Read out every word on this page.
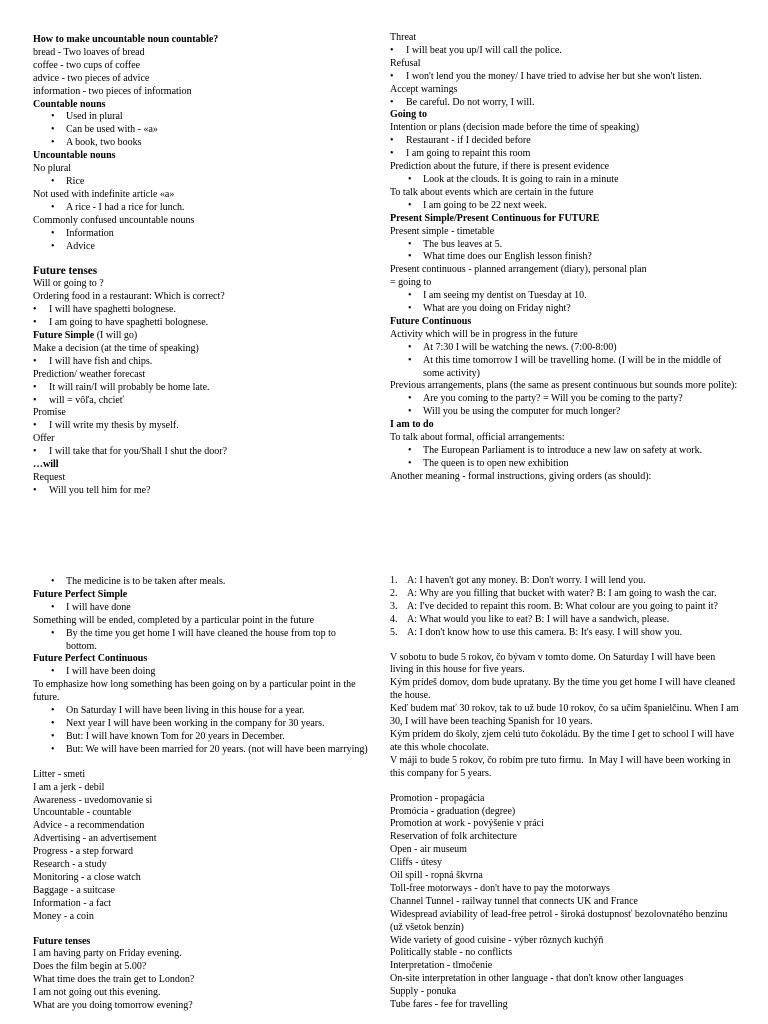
How to make uncountable noun countable?
bread - Two loaves of bread
coffee - two cups of coffee
advice - two pieces of advice
information - two pieces of information
Countable nouns
• Used in plural
• Can be used with - «a»
• A book, two books
Uncountable nouns
No plural
• Rice
Not used with indefinite article «a»
• A rice - I had a rice for lunch.
Commonly confused uncountable nouns
• Information
• Advice
Future tenses
Will or going to ?
Ordering food in a restaurant: Which is correct?
• I will have spaghetti bolognese.
• I am going to have spaghetti bolognese.
Future Simple (I will go)
Make a decision (at the time of speaking)
• I will have fish and chips.
Prediction/ weather forecast
• It will rain/I will probably be home late.
• will = vôľa, chcieť
Promise
• I will write my thesis by myself.
Offer
• I will take that for you/Shall I shut the door?
…will
Request
• Will you tell him for me?
Threat
• I will beat you up/I will call the police.
Refusal
• I won't lend you the money/ I have tried to advise her but she won't listen.
Accept warnings
• Be careful. Do not worry, I will.
Going to
Intention or plans (decision made before the time of speaking)
• Restaurant - if I decided before
• I am going to repaint this room
Prediction about the future, if there is present evidence
• Look at the clouds. It is going to rain in a minute
To talk about events which are certain in the future
• I am going to be 22 next week.
Present Simple/Present Continuous for FUTURE
Present simple - timetable
• The bus leaves at 5.
• What time does our English lesson finish?
Present continuous - planned arrangement (diary), personal plan
= going to
• I am seeing my dentist on Tuesday at 10.
• What are you doing on Friday night?
Future Continuous
Activity which will be in progress in the future
• At 7:30 I will be watching the news. (7:00-8:00)
• At this time tomorrow I will be travelling home. (I will be in the middle of some activity)
Previous arrangements, plans (the same as present continuous but sounds more polite):
• Are you coming to the party? = Will you be coming to the party?
• Will you be using the computer for much longer?
I am to do
To talk about formal, official arrangements:
• The European Parliament is to introduce a new law on safety at work.
• The queen is to open new exhibition
Another meaning - formal instructions, giving orders (as should):
• The medicine is to be taken after meals.
Future Perfect Simple
• I will have done
Something will be ended, completed by a particular point in the future
• By the time you get home I will have cleaned the house from top to bottom.
Future Perfect Continuous
• I will have been doing
To emphasize how long something has been going on by a particular point in the future.
• On Saturday I will have been living in this house for a year.
• Next year I will have been working in the company for 30 years.
• But: I will have known Tom for 20 years in December.
• But: We will have been married for 20 years. (not will have been marrying)
Litter - smeti
I am a jerk - debil
Awareness - uvedomovanie si
Uncountable - countable
Advice - a recommendation
Advertising - an advertisement
Progress - a step forward
Research - a study
Monitoring - a close watch
Baggage - a suitcase
Information - a fact
Money - a coin
Future tenses
I am having party on Friday evening.
Does the film begin at 5.00?
What time does the train get to London?
I am not going out this evening.
What are you doing tomorrow evening?
1. A: I haven't got any money. B: Don't worry. I will lend you.
2. A: Why are you filling that bucket with water? B: I am going to wash the car.
3. A: I've decided to repaint this room. B: What colour are you going to paint it?
4. A: What would you like to eat? B: I will have a sandwich, please.
5. A: I don't know how to use this camera. B: It's easy. I will show you.
V sobotu to bude 5 rokov, čo bývam v tomto dome. On Saturday I will have been living in this house for five years.
Kým prídeš domov, dom bude upratany. By the time you get home I will have cleaned the house.
Keď budem mať 30 rokov, tak to už bude 10 rokov, čo sa učím španielčinu. When I am 30, I will have been teaching Spanish for 10 years.
Kým prídem do školy, zjem celú tuto čokoládu. By the time I get to school I will have ate this whole chocolate.
V máji to bude 5 rokov, čo robím pre tuto firmu.  In May I will have been working in this company for 5 years.
Promotion - propagácia
Promócia - graduation (degree)
Promotion at work - povýšenie v práci
Reservation of folk architecture
Open - air museum
Cliffs - útesy
Oil spill - ropná škvrna
Toll-free motorways - don't have to pay the motorways
Channel Tunnel - railway tunnel that connects UK and France
Widespread aviability of lead-free petrol - široká dostupnosť bezolovnatého benzínu (už všetok benzín)
Wide variety of good cuisine - výber rôznych kuchýň
Politically stable - no conflicts
Interpretation - tlmočenie
On-site interpretation in other language - that don't know other languages
Supply - ponuka
Tube fares - fee for travelling
